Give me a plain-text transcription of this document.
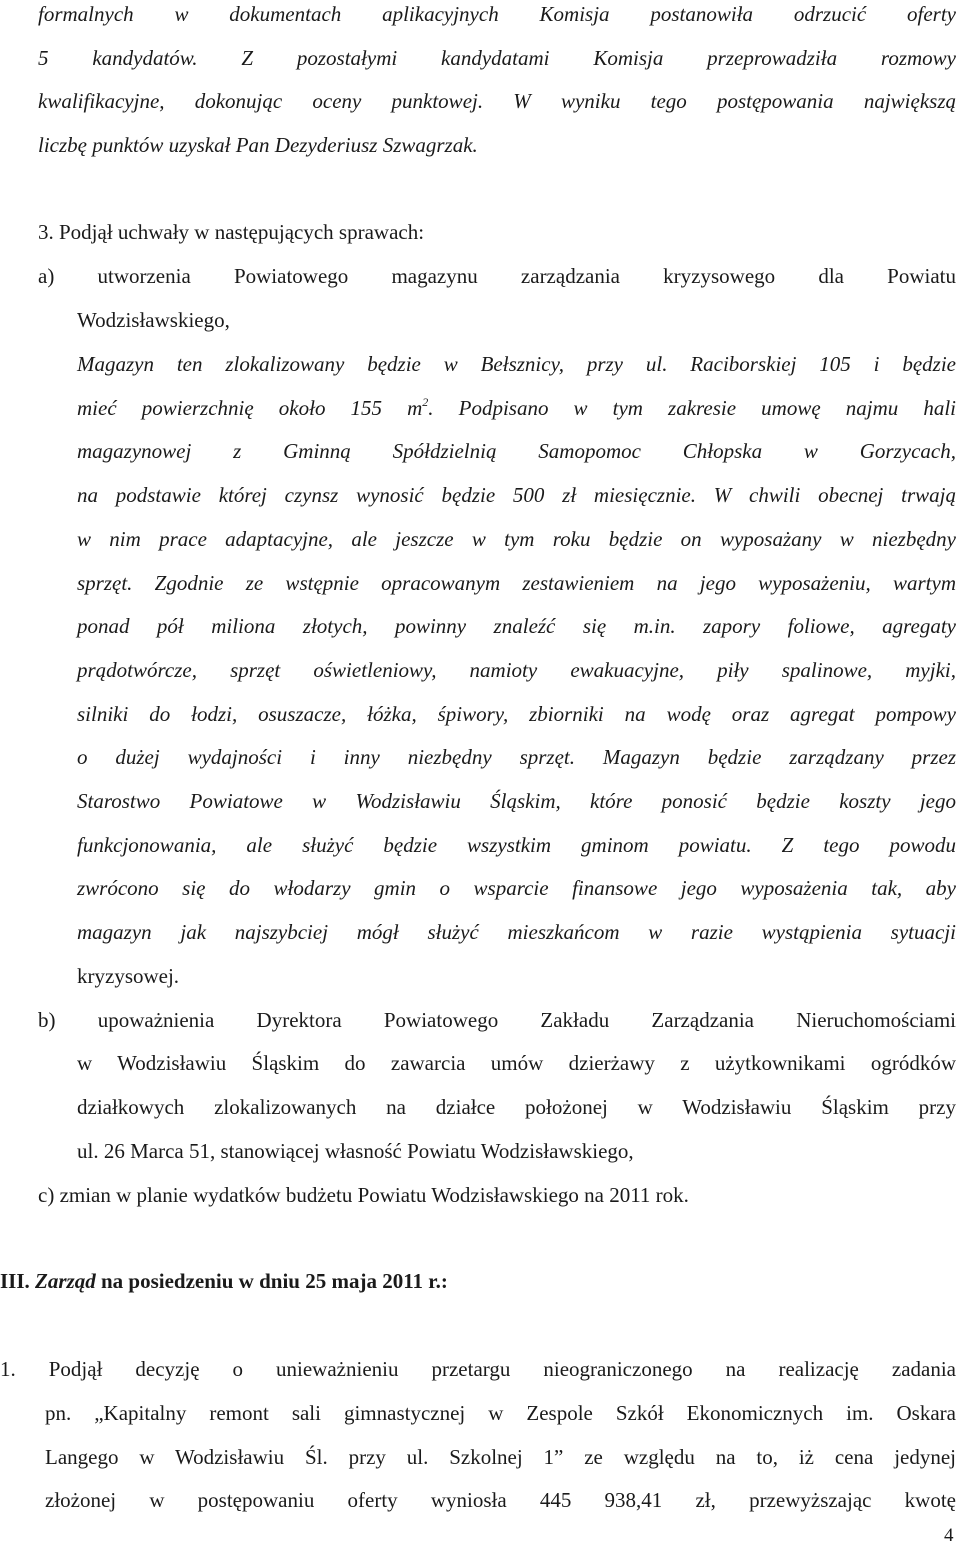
formalnych w dokumentach aplikacyjnych Komisja postanowiła odrzucić oferty
5 kandydatów. Z pozostałymi kandydatami Komisja przeprowadziła rozmowy
kwalifikacyjne, dokonując oceny punktowej. W wyniku tego postępowania największą
liczbę punktów uzyskał Pan Dezyderiusz Szwagrzak.
3. Podjął uchwały w następujących sprawach:
a) utworzenia Powiatowego magazynu zarządzania kryzysowego dla Powiatu
Wodzisławskiego,
Magazyn ten zlokalizowany będzie w Bełsznicy, przy ul. Raciborskiej 105 i będzie
mieć powierzchnię około 155 $m^2$. Podpisano w tym zakresie umowę najmu hali
magazynowej z Gminną Spółdzielnią Samopomoc Chłopska w Gorzycach,
na podstawie której czynsz wynosić będzie 500 zł miesięcznie. W chwili obecnej trwają
w nim prace adaptacyjne, ale jeszcze w tym roku będzie on wyposażany w niezbędny
sprzęt. Zgodnie ze wstępnie opracowanym zestawieniem na jego wyposażeniu, wartym
ponad pół miliona złotych, powinny znaleźć się m.in. zapory foliowe, agregaty
prądotwórcze, sprzęt oświetleniowy, namioty ewakuacyjne, piły spalinowe, myjki,
silniki do łodzi, osuszacze, łóżka, śpiwory, zbiorniki na wodę oraz agregat pompowy
o dużej wydajności i inny niezbędny sprzęt. Magazyn będzie zarządzany przez
Starostwo Powiatowe w Wodzisławiu Śląskim, które ponosić będzie koszty jego
funkcjonowania, ale służyć będzie wszystkim gminom powiatu. Z tego powodu
zwrócono się do włodarzy gmin o wsparcie finansowe jego wyposażenia tak, aby
magazyn jak najszybciej mógł służyć mieszkańcom w razie wystąpienia sytuacji
kryzysowej.
b) upoważnienia Dyrektora Powiatowego Zakładu Zarządzania Nieruchomościami
w Wodzisławiu Śląskim do zawarcia umów dzierżawy z użytkownikami ogródków
działkowych zlokalizowanych na działce położonej w Wodzisławiu Śląskim przy
ul. 26 Marca 51, stanowiącej własność Powiatu Wodzisławskiego,
c) zmian w planie wydatków budżetu Powiatu Wodzisławskiego na 2011 rok.
III. Zarząd na posiedzeniu w dniu 25 maja 2011 r.:
1. Podjął decyzję o unieważnieniu przetargu nieograniczonego na realizację zadania
pn. „Kapitalny remont sali gimnastycznej w Zespole Szkół Ekonomicznych im. Oskara
Langego w Wodzisławiu Śl. przy ul. Szkolnej 1” ze względu na to, iż cena jedynej
złożonej w postępowaniu oferty wyniosła 445 938,41 zł, przewyższając kwotę
4
